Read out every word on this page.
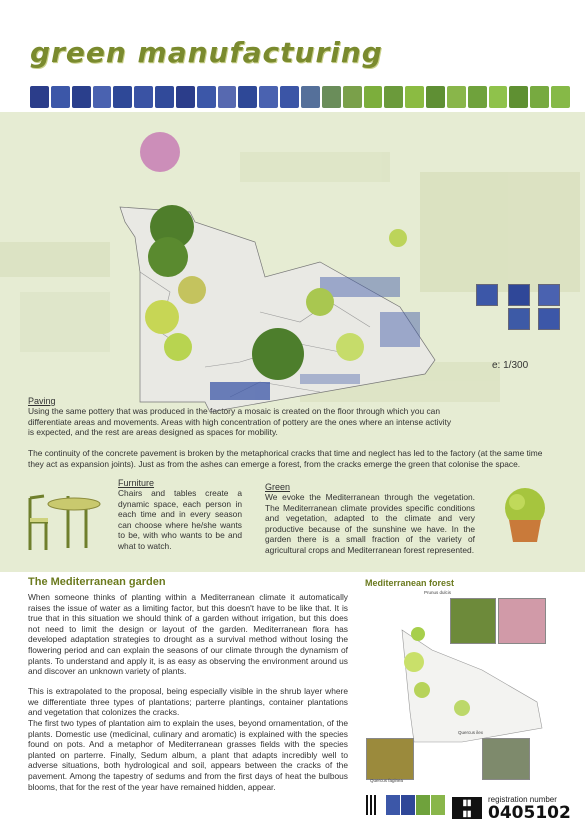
green manufacturing
e: 1/300
Paving
Using the same pottery that was produced in the factory a mosaic is created on the floor through which you can differentiate areas and movements. Areas with high concentration of pottery are the ones where an intense activity is expected, and the rest are areas designed as spaces for mobility.
The continuity of the concrete pavement is broken by the metaphorical cracks that time and neglect has led to the factory (at the same time they act as expansion joints). Just as from the ashes can emerge a forest, from the cracks emerge the green that colonise the space.
Furniture
Chairs and tables create a dynamic space, each person in each time and in every season can choose where he/she wants to be, with who wants to be and what to watch.
Green
We evoke the Mediterranean through the vegetation. The Mediterranean climate provides specific conditions and vegetation, adapted to the climate and very productive because of the sunshine we have. In the garden there is a small fraction of the variety of agricultural crops and Mediterranean forest represented.
The Mediterranean garden
When someone thinks of planting within a Mediterranean climate it automatically raises the issue of water as a limiting factor, but this doesn't have to be like that. It is true that in this situation we should think of a garden without irrigation, but this does not need to limit the design or layout of the garden. Mediterranean flora has developed adaptation strategies to drought as a survival method without losing the flowering period and can explain the seasons of our climate through the dynamism of plants. To understand and apply it, is as easy as observing the environment around us and discover an unknown variety of plants.
This is extrapolated to the proposal, being especially visible in the shrub layer where we differentiate three types of plantations; parterre plantings, container plantations and vegetation that colonizes the cracks.
The first two types of plantation aim to explain the uses, beyond ornamentation, of the plants. Domestic use (medicinal, culinary and aromatic) is explained with the species found on pots. And a metaphor of Mediterranean grasses fields with the species planted on parterre. Finally, Sedum album, a plant that adapts incredibly well to adverse situations, both hydrological and soil, appears between the cracks of the pavement. Among the tapestry of sedums and from the first days of heat the bulbous blooms, that for the rest of the year have remained hidden, appear.
Mediterranean forest
Prunus dulcis
Quercus ilex
Quercus faginea
▮▮
▮▮
registration number
0405102
